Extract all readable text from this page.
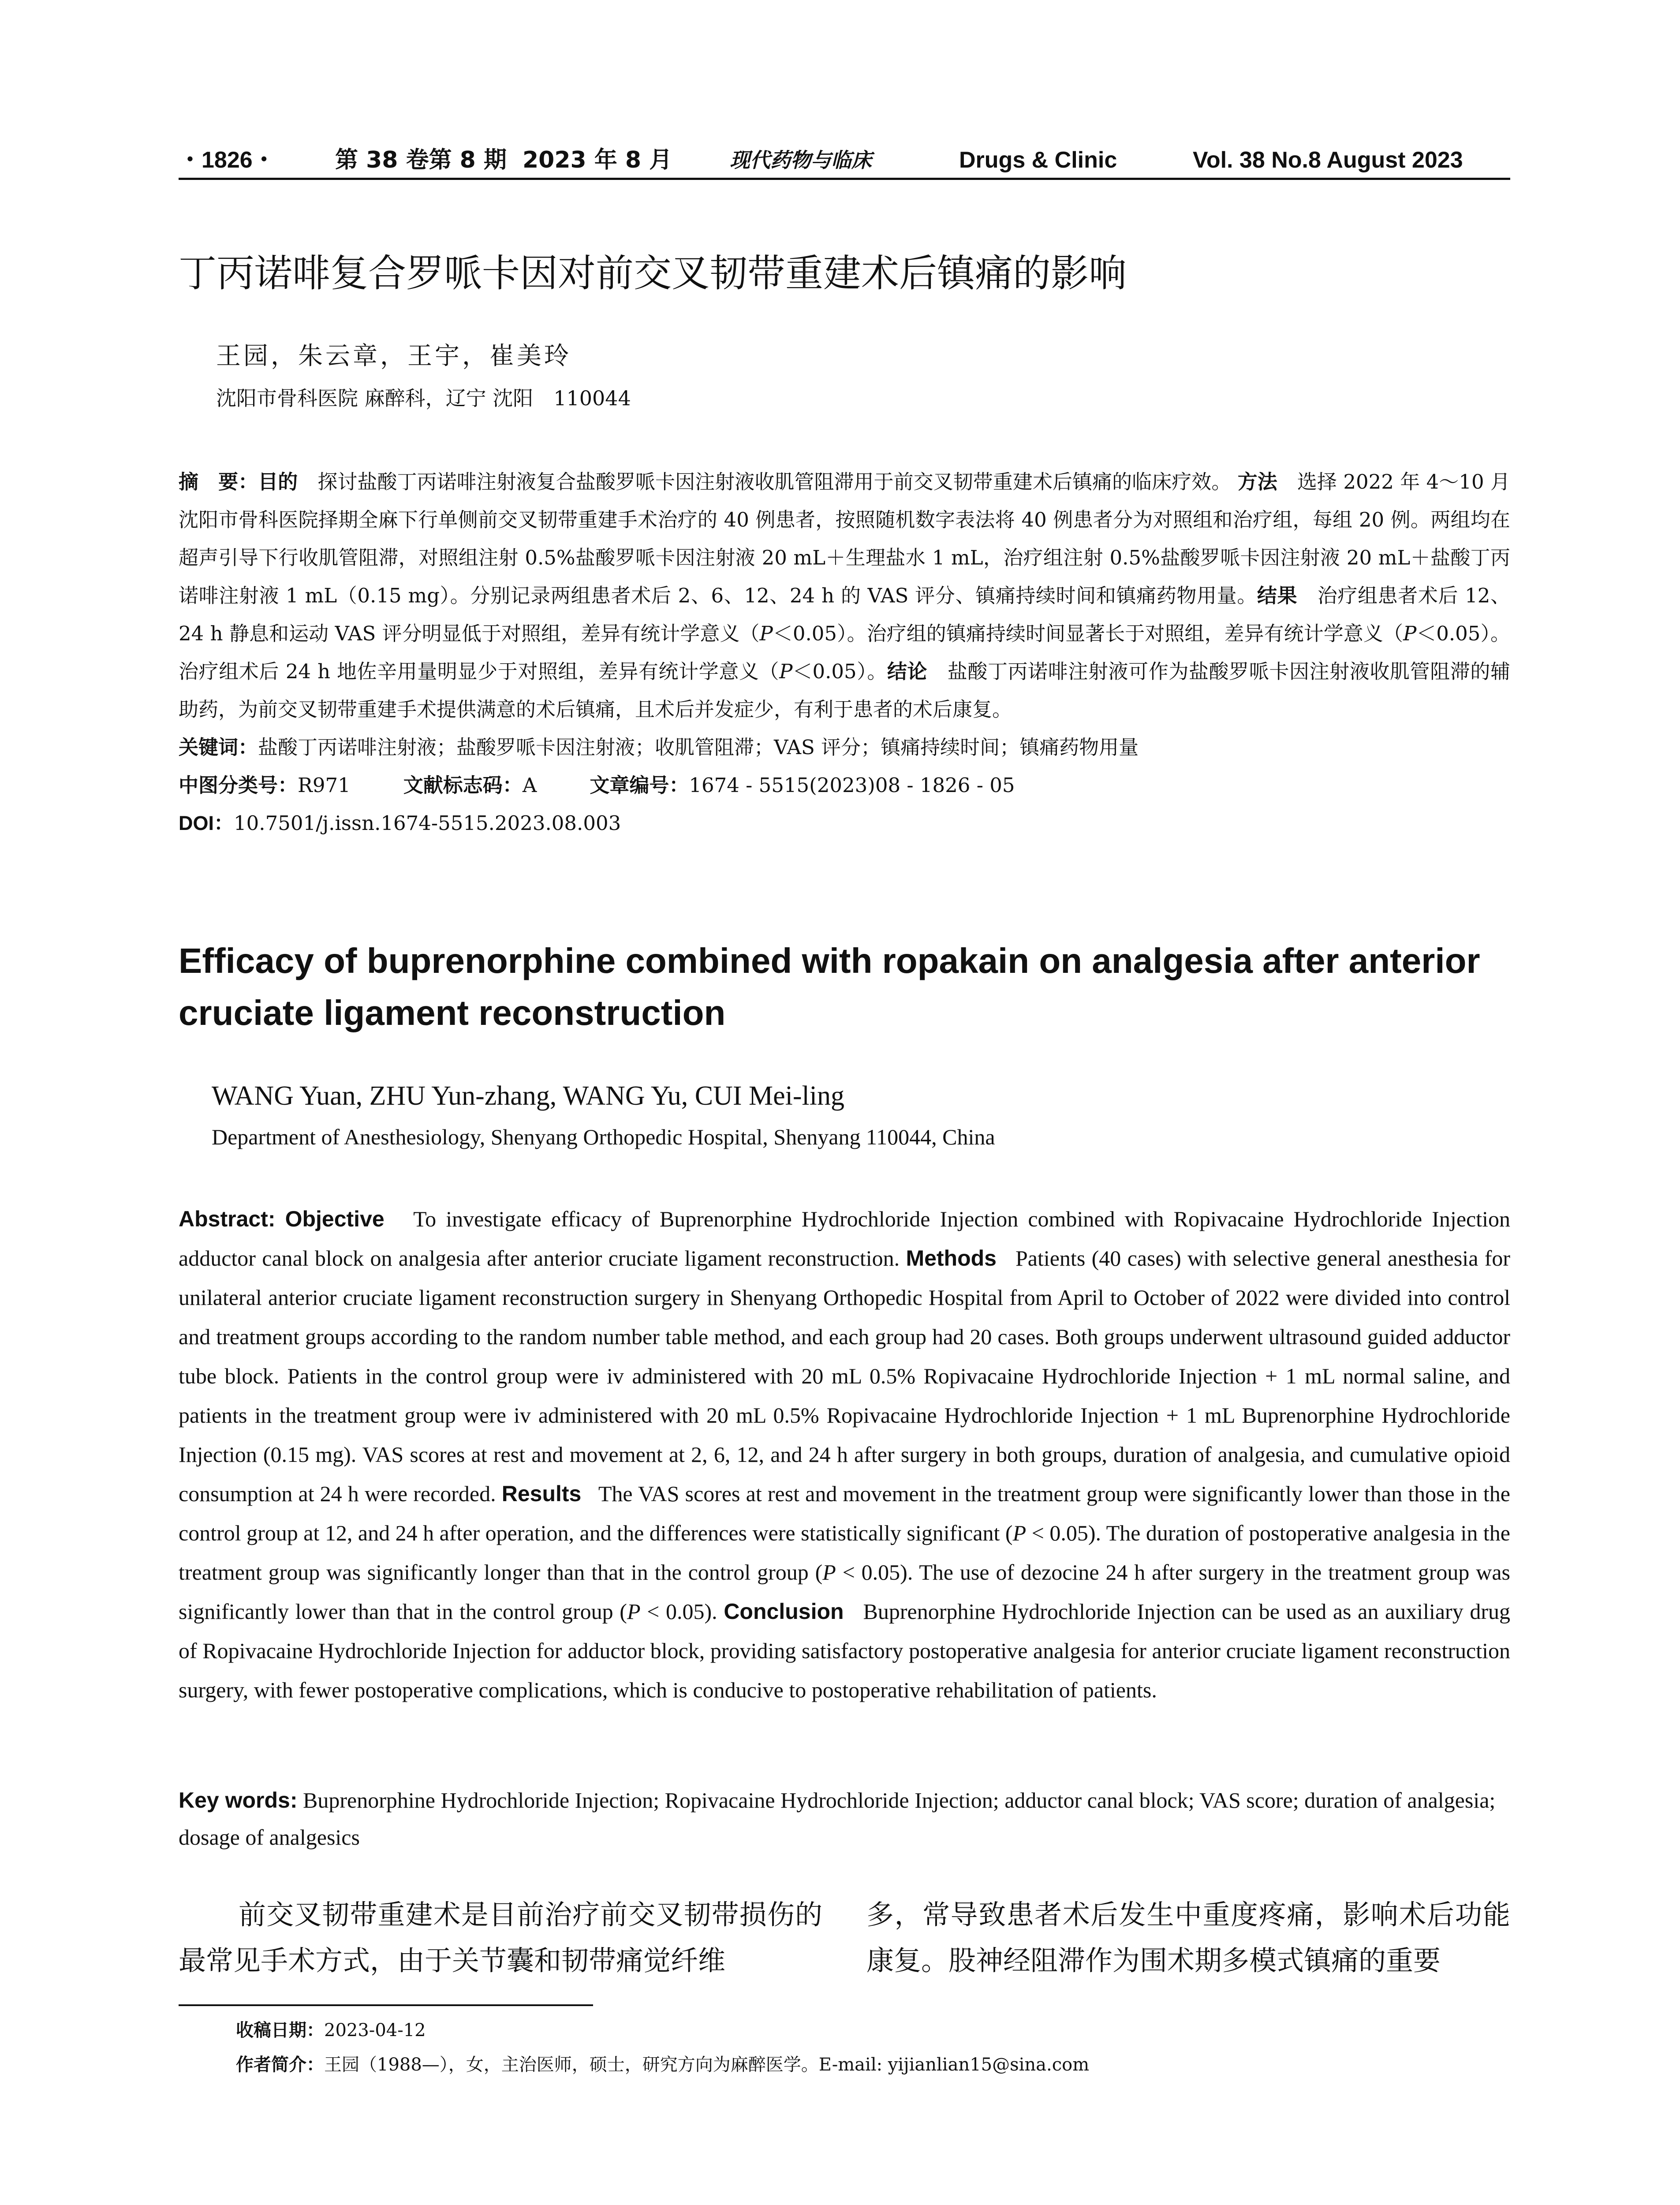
・1826・	第 38 卷第 8 期 2023 年 8 月	现代药物与临床	Drugs & Clinic	Vol. 38 No.8 August 2023
丁丙诺啡复合罗哌卡因对前交叉韧带重建术后镇痛的影响
王园，朱云章，王宇，崔美玲
沈阳市骨科医院 麻醉科，辽宁 沈阳　110044
摘　要：目的　 探讨盐酸丁丙诺啡注射液复合盐酸罗哌卡因注射液收肌管阻滞用于前交叉韧带重建术后镇痛的临床疗效。 方法　 选择 2022 年 4～10 月沈阳市骨科医院择期全麻下行单侧前交叉韧带重建手术治疗的 40 例患者，按照随机数字表法将 40 例患者分为对照组和治疗组，每组 20 例。两组均在超声引导下行收肌管阻滞，对照组注射 0.5%盐酸罗哌卡因注射液 20 mL＋生理盐水 1 mL，治疗组注射 0.5%盐酸罗哌卡因注射液 20 mL＋盐酸丁丙诺啡注射液 1 mL（0.15 mg）。分别记录两组患者术后 2、6、12、24 h 的 VAS 评分、镇痛持续时间和镇痛药物用量。结果　 治疗组患者术后 12、24 h 静息和运动 VAS 评分明显低于对照组，差异有统计学意义（P＜0.05）。治疗组的镇痛持续时间显著长于对照组，差异有统计学意义（P＜0.05）。治疗组术后 24 h 地佐辛用量明显少于对照组，差异有统计学意义（P＜0.05）。结论　 盐酸丁丙诺啡注射液可作为盐酸罗哌卡因注射液收肌管阻滞的辅助药，为前交叉韧带重建手术提供满意的术后镇痛，且术后并发症少，有利于患者的术后康复。
关键词：盐酸丁丙诺啡注射液；盐酸罗哌卡因注射液；收肌管阻滞；VAS 评分；镇痛持续时间；镇痛药物用量
中图分类号：R971	文献标志码：A	文章编号：1674 - 5515(2023)08 - 1826 - 05
DOI：10.7501/j.issn.1674-5515.2023.08.003
Efficacy of buprenorphine combined with ropakain on analgesia after anterior cruciate ligament reconstruction
WANG Yuan, ZHU Yun-zhang, WANG Yu, CUI Mei-ling
Department of Anesthesiology, Shenyang Orthopedic Hospital, Shenyang 110044, China
Abstract: Objective To investigate efficacy of Buprenorphine Hydrochloride Injection combined with Ropivacaine Hydrochloride Injection adductor canal block on analgesia after anterior cruciate ligament reconstruction. Methods Patients (40 cases) with selective general anesthesia for unilateral anterior cruciate ligament reconstruction surgery in Shenyang Orthopedic Hospital from April to October of 2022 were divided into control and treatment groups according to the random number table method, and each group had 20 cases. Both groups underwent ultrasound guided adductor tube block. Patients in the control group were iv administered with 20 mL 0.5% Ropivacaine Hydrochloride Injection + 1 mL normal saline, and patients in the treatment group were iv administered with 20 mL 0.5% Ropivacaine Hydrochloride Injection + 1 mL Buprenorphine Hydrochloride Injection (0.15 mg). VAS scores at rest and movement at 2, 6, 12, and 24 h after surgery in both groups, duration of analgesia, and cumulative opioid consumption at 24 h were recorded. Results The VAS scores at rest and movement in the treatment group were significantly lower than those in the control group at 12, and 24 h after operation, and the differences were statistically significant (P < 0.05). The duration of postoperative analgesia in the treatment group was significantly longer than that in the control group (P < 0.05). The use of dezocine 24 h after surgery in the treatment group was significantly lower than that in the control group (P < 0.05). Conclusion Buprenorphine Hydrochloride Injection can be used as an auxiliary drug of Ropivacaine Hydrochloride Injection for adductor block, providing satisfactory postoperative analgesia for anterior cruciate ligament reconstruction surgery, with fewer postoperative complications, which is conducive to postoperative rehabilitation of patients.
Key words: Buprenorphine Hydrochloride Injection; Ropivacaine Hydrochloride Injection; adductor canal block; VAS score; duration of analgesia; dosage of analgesics
前交叉韧带重建术是目前治疗前交叉韧带损伤的最常见手术方式，由于关节囊和韧带痛觉纤维
多，常导致患者术后发生中重度疼痛，影响术后功能康复。股神经阻滞作为围术期多模式镇痛的重要
收稿日期：2023-04-12
作者简介：王园（1988—），女，主治医师，硕士，研究方向为麻醉医学。E-mail: yijianlian15@sina.com
